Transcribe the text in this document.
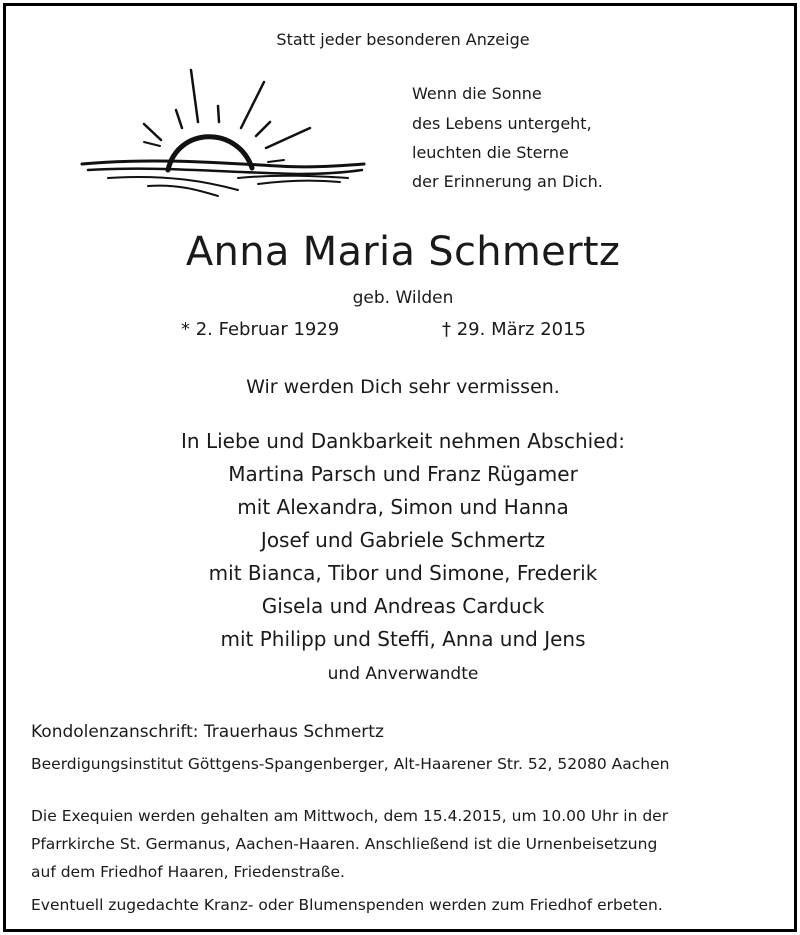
Statt jeder besonderen Anzeige

Wenn die Sonne

des Lebens untergeht,

leuchten die Sterne

der Erinnerung an Dich.

Anna Maria Schmertz

geb. Wilden

* 2. Februar 1929	† 29. März 2015

Wir werden Dich sehr vermissen.

In Liebe und Dankbarkeit nehmen Abschied:

Martina Parsch und Franz Rügamer

mit Alexandra, Simon und Hanna

Josef und Gabriele Schmertz

mit Bianca, Tibor und Simone, Frederik

Gisela und Andreas Carduck

mit Philipp und Steffi, Anna und Jens

und Anverwandte

Kondolenzanschrift: Trauerhaus Schmertz

Beerdigungsinstitut Göttgens-Spangenberger, Alt-Haarener Str. 52, 52080 Aachen

Die Exequien werden gehalten am Mittwoch, dem 15.4.2015, um 10.00 Uhr in der

Pfarrkirche St. Germanus, Aachen-Haaren. Anschließend ist die Urnenbeisetzung

auf dem Friedhof Haaren, Friedenstraße.

Eventuell zugedachte Kranz- oder Blumenspenden werden zum Friedhof erbeten.
